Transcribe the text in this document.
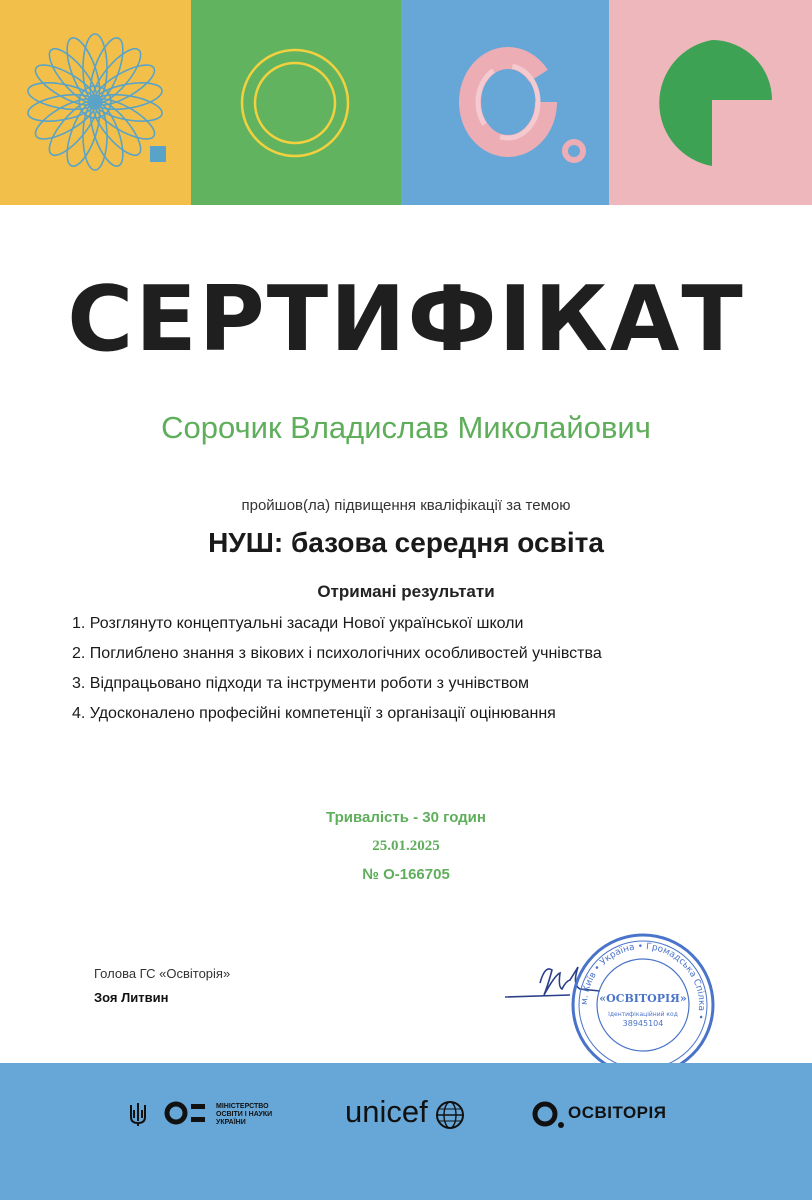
СЕРТИФІКАТ
Сорочик Владислав Миколайович
пройшов(ла) підвищення кваліфікації за темою
НУШ: базова середня освіта
Отримані результати
1. Розглянуто концептуальні засади Нової української школи
2. Поглиблено знання з вікових і психологічних особливостей учнівства
3. Відпрацьовано підходи та інструменти роботи з учнівством
4. Удосконалено професійні компетенції з організації оцінювання
Тривалість - 30 годин
25.01.2025
№ О-166705
Голова ГС «Освіторія»
Зоя Литвин	м. Київ • Україна • Громадська Спілка •
«ОСВІТОРІЯ»
Ідентифікаційний код
38945104
МІНІСТЕРСТВО ОСВІТИ І НАУКИ УКРАЇНИ	unicef	ОСВІТОРІЯ
